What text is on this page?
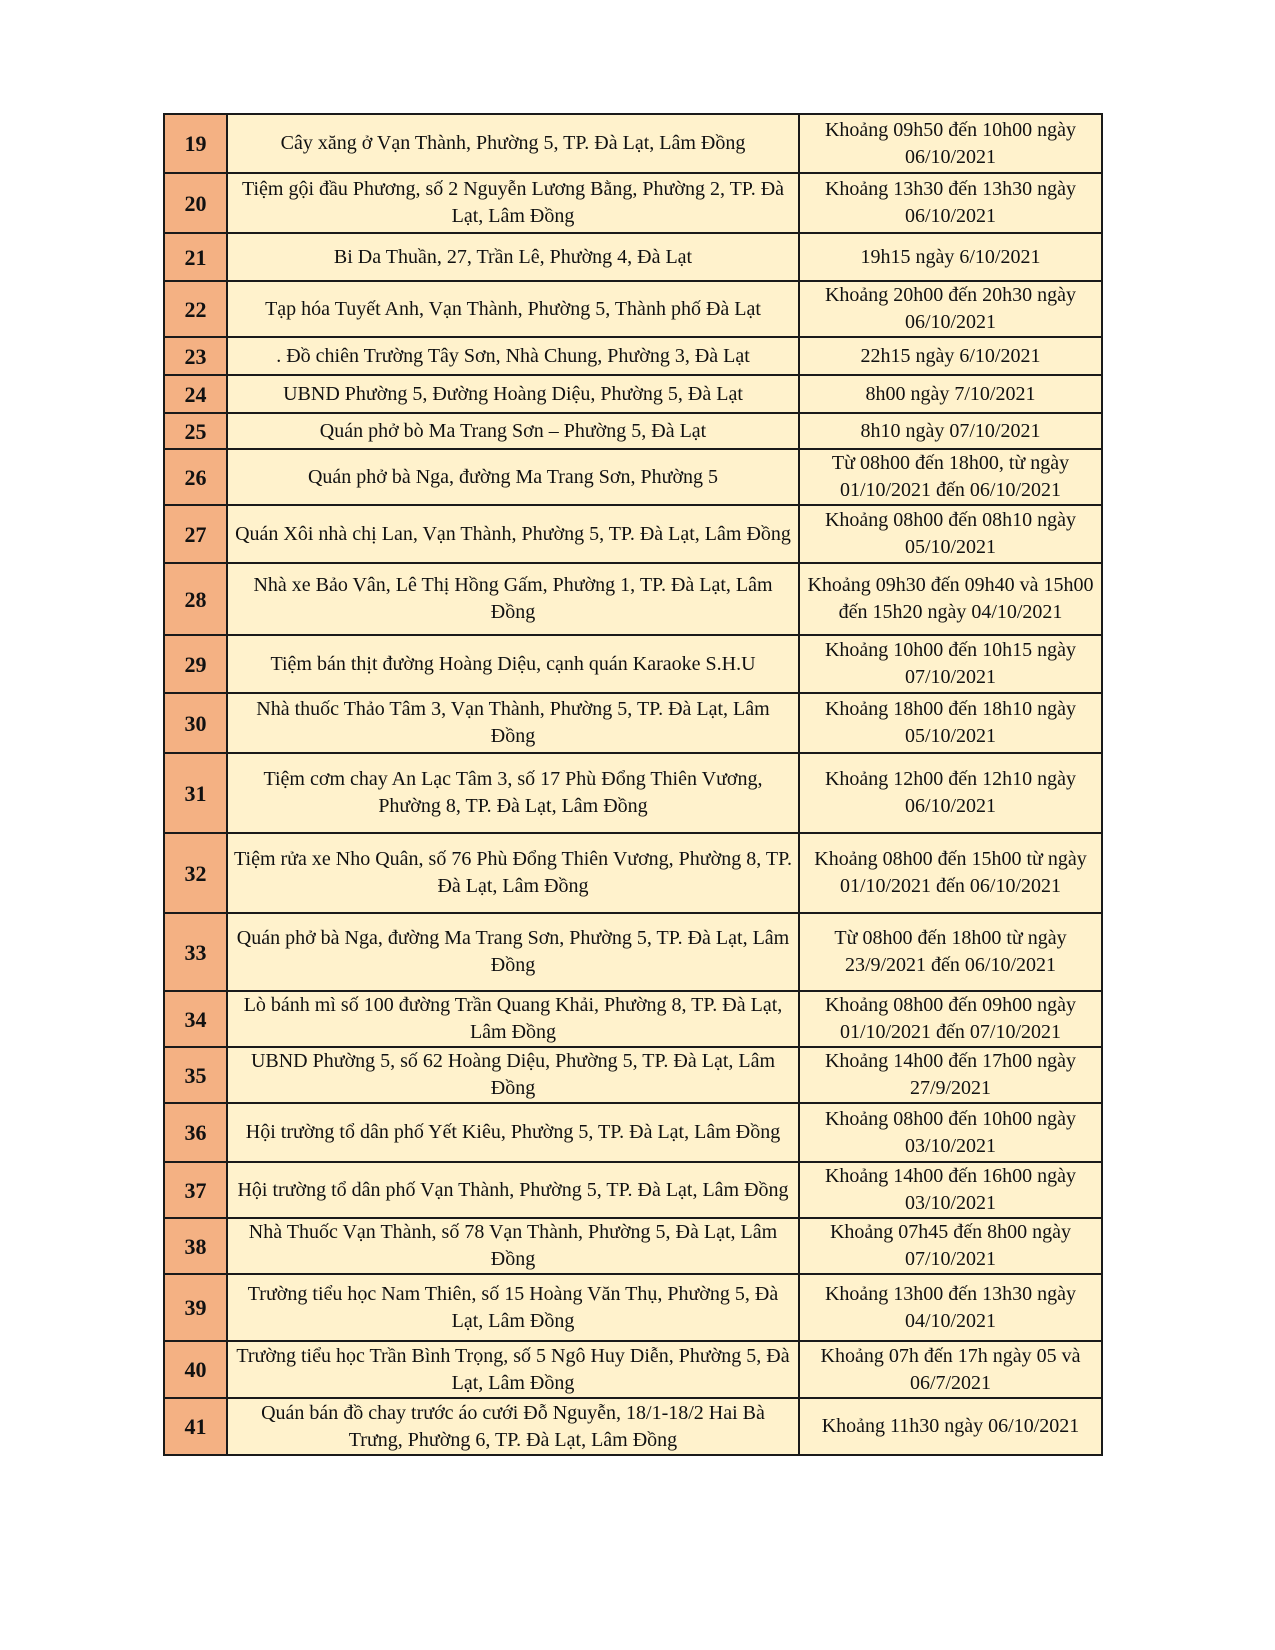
19	Cây xăng ở Vạn Thành, Phường 5, TP. Đà Lạt, Lâm Đồng	Khoảng 09h50 đến 10h00 ngày 06/10/2021
20	Tiệm gội đầu Phương, số 2 Nguyễn Lương Bằng, Phường 2, TP. Đà Lạt, Lâm Đồng	Khoảng 13h30 đến 13h30 ngày 06/10/2021
21	Bi Da Thuần, 27, Trần Lê, Phường 4, Đà Lạt	19h15 ngày 6/10/2021
22	Tạp hóa Tuyết Anh, Vạn Thành, Phường 5, Thành phố Đà Lạt	Khoảng 20h00 đến 20h30 ngày 06/10/2021
23	. Đồ chiên Trường Tây Sơn, Nhà Chung, Phường 3, Đà Lạt	22h15 ngày 6/10/2021
24	UBND Phường 5, Đường Hoàng Diệu, Phường 5, Đà Lạt	8h00 ngày 7/10/2021
25	Quán phở bò Ma Trang Sơn – Phường 5, Đà Lạt	8h10 ngày 07/10/2021
26	Quán phở bà Nga, đường Ma Trang Sơn, Phường 5	Từ 08h00 đến 18h00, từ ngày 01/10/2021 đến 06/10/2021
27	Quán Xôi nhà chị Lan, Vạn Thành, Phường 5, TP. Đà Lạt, Lâm Đồng	Khoảng 08h00 đến 08h10 ngày 05/10/2021
28	Nhà xe Bảo Vân, Lê Thị Hồng Gấm, Phường 1, TP. Đà Lạt, Lâm Đồng	Khoảng 09h30 đến 09h40 và 15h00 đến 15h20 ngày 04/10/2021
29	Tiệm bán thịt đường Hoàng Diệu, cạnh quán Karaoke S.H.U	Khoảng 10h00 đến 10h15 ngày 07/10/2021
30	Nhà thuốc Thảo Tâm 3, Vạn Thành, Phường 5, TP. Đà Lạt, Lâm Đồng	Khoảng 18h00 đến 18h10 ngày 05/10/2021
31	Tiệm cơm chay An Lạc Tâm 3, số 17 Phù Đổng Thiên Vương, Phường 8, TP. Đà Lạt, Lâm Đồng	Khoảng 12h00 đến 12h10 ngày 06/10/2021
32	Tiệm rửa xe Nho Quân, số 76 Phù Đổng Thiên Vương, Phường 8, TP. Đà Lạt, Lâm Đồng	Khoảng 08h00 đến 15h00 từ ngày 01/10/2021 đến 06/10/2021
33	Quán phở bà Nga, đường Ma Trang Sơn, Phường 5, TP. Đà Lạt, Lâm Đồng	Từ 08h00 đến 18h00 từ ngày 23/9/2021 đến 06/10/2021
34	Lò bánh mì số 100 đường Trần Quang Khải, Phường 8, TP. Đà Lạt, Lâm Đồng	Khoảng 08h00 đến 09h00 ngày 01/10/2021 đến 07/10/2021
35	UBND Phường 5, số 62 Hoàng Diệu, Phường 5, TP. Đà Lạt, Lâm Đồng	Khoảng 14h00 đến 17h00 ngày 27/9/2021
36	Hội trường tổ dân phố Yết Kiêu, Phường 5, TP. Đà Lạt, Lâm Đồng	Khoảng 08h00 đến 10h00 ngày 03/10/2021
37	Hội trường tổ dân phố Vạn Thành, Phường 5, TP. Đà Lạt, Lâm Đồng	Khoảng 14h00 đến 16h00 ngày 03/10/2021
38	Nhà Thuốc Vạn Thành, số 78 Vạn Thành, Phường 5, Đà Lạt, Lâm Đồng	Khoảng 07h45 đến 8h00 ngày 07/10/2021
39	Trường tiểu học Nam Thiên, số 15 Hoàng Văn Thụ, Phường 5, Đà Lạt, Lâm Đồng	Khoảng 13h00 đến 13h30 ngày 04/10/2021
40	Trường tiểu học Trần Bình Trọng, số 5 Ngô Huy Diễn, Phường 5, Đà Lạt, Lâm Đồng	Khoảng 07h đến 17h ngày 05 và 06/7/2021
41	Quán bán đồ chay trước áo cưới Đỗ Nguyễn, 18/1-18/2 Hai Bà Trưng, Phường 6, TP. Đà Lạt, Lâm Đồng	Khoảng 11h30 ngày 06/10/2021
